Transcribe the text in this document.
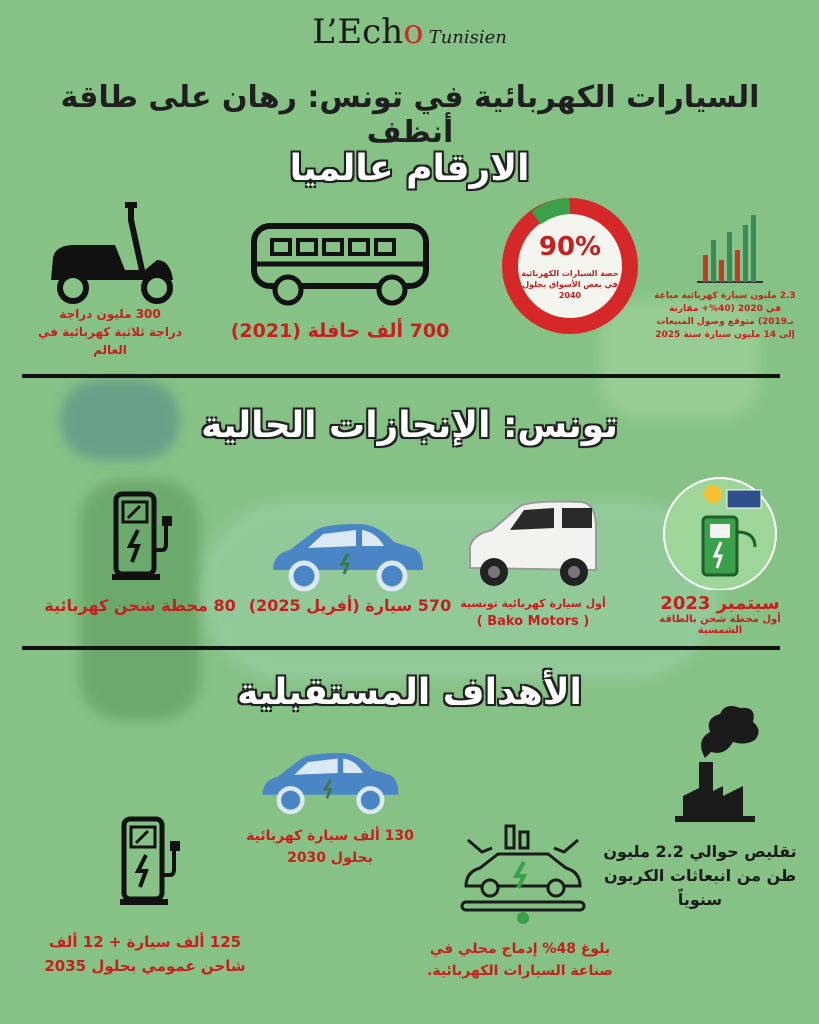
L’Echo Tunisien
السيارات الكهربائية في تونس: رهان على طاقة أنظف
الارقام عالميا
2.3 مليون سيارة كهربائية مباعة في 2020 (40%+ مقارنة بـ2019) متوقع وصول المبيعات إلى 14 مليون سيارة سنة 2025
90%
حصة السيارات الكهربائية في بعض الأسواق بحلول 2040
700 ألف حافلة (2021)
300 مليون دراجة
دراجة ثلاثية كهربائية في العالم
تونس: الإنجازات الحالية
سبتمبر 2023
أول محطة شحن بالطاقة الشمسية
أول سيارة كهربائية تونسية
( Bako Motors )
570 سيارة (أفريل 2025)
80 محطة شحن كهربائية
الأهداف المستقبلية
تقليص حوالي 2.2 مليون طن من انبعاثات الكربون سنوياً
130 ألف سيارة كهربائية بحلول 2030
بلوغ 48% إدماج محلي في صناعة السيارات الكهربائية.
125 ألف سيارة + 12 ألف شاحن عمومي بحلول 2035
